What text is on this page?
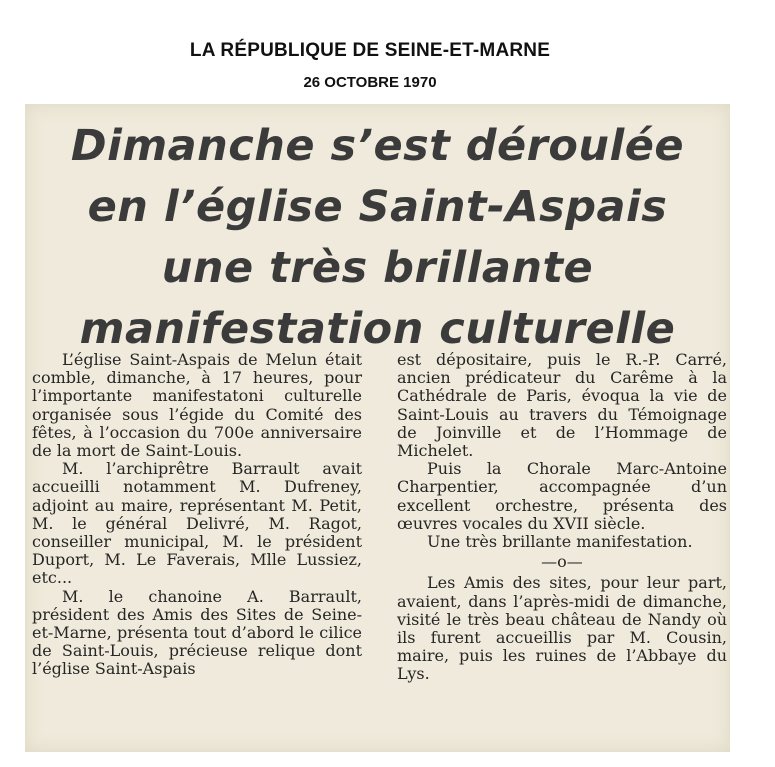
LA RÉPUBLIQUE DE SEINE-ET-MARNE
26 OCTOBRE 1970
Dimanche s’est déroulée
en l’église Saint-Aspais
une très brillante
manifestation culturelle

L’église Saint-Aspais de Melun était comble, dimanche, à 17 heures, pour l’importante manifestatoni culturelle organisée sous l’égide du Comité des fêtes, à l’occasion du 700e anniversaire de la mort de Saint-Louis.

M. l’archiprêtre Barrault avait accueilli notamment M. Dufreney, adjoint au maire, représentant M. Petit, M. le général Delivré, M. Ragot, conseiller municipal, M. le président Duport, M. Le Faverais, Mlle Lussiez, etc...

M. le chanoine A. Barrault, président des Amis des Sites de Seine-et-Marne, présenta tout d’abord le cilice de Saint-Louis, précieuse relique dont l’église Saint-Aspais

est dépositaire, puis le R.-P. Carré, ancien prédicateur du Carême à la Cathédrale de Paris, évoqua la vie de Saint-Louis au travers du Témoignage de Joinville et de l’Hommage de Michelet.

Puis la Chorale Marc-Antoine Charpentier, accompagnée d’un excellent orchestre, présenta des œuvres vocales du XVII siècle.

Une très brillante manifestation.

—o—

Les Amis des sites, pour leur part, avaient, dans l’après-midi de dimanche, visité le très beau château de Nandy où ils furent accueillis par M. Cousin, maire, puis les ruines de l’Abbaye du Lys.
